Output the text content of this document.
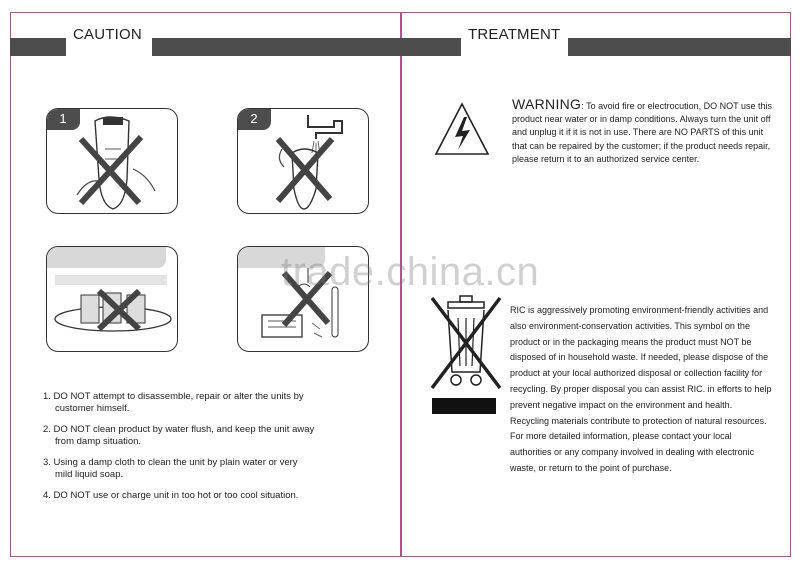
CAUTION
1	2
1. DO NOT attempt to disassemble, repair or alter the units by
customer himself.
2. DO NOT clean product by water flush, and keep the unit away
from damp situation.
3. Using a damp cloth to clean the unit by plain water or very
mild liquid soap.
4. DO NOT use or charge unit in too hot or too cool situation.
TREATMENT
WARNING: To avoid fire or electrocution, DO NOT use this product near water or in damp conditions. Always turn the unit off and unplug it if it is not in use. There are NO PARTS of this unit that can be repaired by the customer; if the product needs repair, please return it to an authorized service center.
trade.china.cn
RIC is aggressively promoting environment-friendly activities and also environment-conservation activities. This symbol on the product or in the packaging means the product must NOT be disposed of in household waste. If needed, please dispose of the product at your local authorized disposal or collection facility for recycling. By proper disposal you can assist RIC. in efforts to help prevent negative impact on the environment and health. Recycling materials contribute to protection of natural resources.
For more detailed information, please contact your local authorities or any company involved in dealing with electronic waste, or return to the point of purchase.
